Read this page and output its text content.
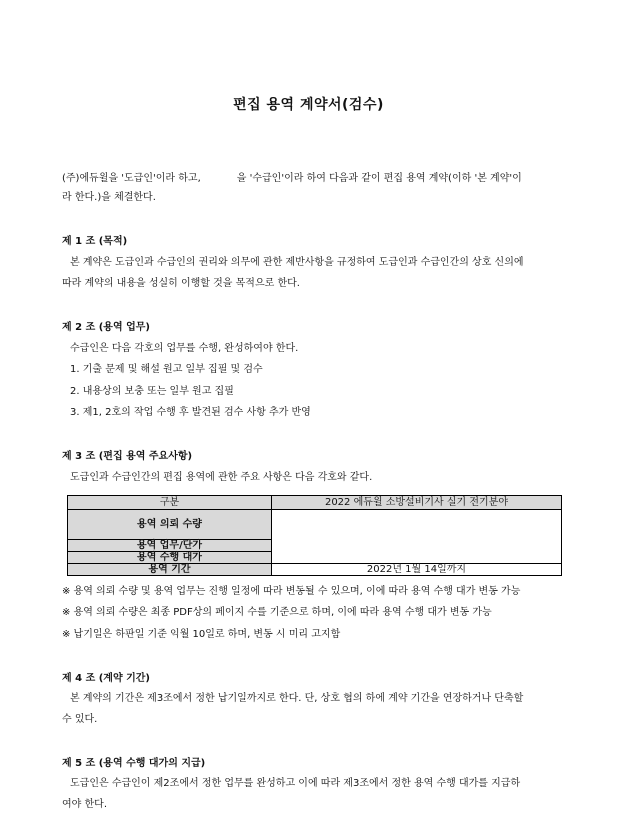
편집 용역 계약서(검수)
(주)에듀윌을 '도급인'이라 하고,	을 '수급인'이라 하여 다음과 같이 편집 용역 계약(이하 '본 계약'이
라 한다.)을 체결한다.
제 1 조 (목적)
본 계약은 도급인과 수급인의 권리와 의무에 관한 제반사항을 규정하여 도급인과 수급인간의 상호 신의에
따라 계약의 내용을 성실히 이행할 것을 목적으로 한다.
제 2 조 (용역 업무)
수급인은 다음 각호의 업무를 수행, 완성하여야 한다.
1. 기출 문제 및 해설 원고 일부 집필 및 검수
2. 내용상의 보충 또는 일부 원고 집필
3. 제1, 2호의 작업 수행 후 발견된 검수 사항 추가 반영
제 3 조 (편집 용역 주요사항)
도급인과 수급인간의 편집 용역에 관한 주요 사항은 다음 각호와 같다.
구분	2022 에듀윌 소방설비기사 실기 전기분야
용역 의뢰 수량	
용역 업무/단가	
용역 수행 대가	
용역 기간	2022년 1월 14일까지
※ 용역 의뢰 수량 및 용역 업무는 진행 일정에 따라 변동될 수 있으며, 이에 따라 용역 수행 대가 변동 가능
※ 용역 의뢰 수량은 최종 PDF상의 페이지 수를 기준으로 하며, 이에 따라 용역 수행 대가 변동 가능
※ 납기일은 하판일 기준 익월 10일로 하며, 변동 시 미리 고지함
제 4 조 (계약 기간)
본 계약의 기간은 제3조에서 정한 납기일까지로 한다. 단, 상호 협의 하에 계약 기간을 연장하거나 단축할
수 있다.
제 5 조 (용역 수행 대가의 지급)
도급인은 수급인이 제2조에서 정한 업무를 완성하고 이에 따라 제3조에서 정한 용역 수행 대가를 지급하
여야 한다.
